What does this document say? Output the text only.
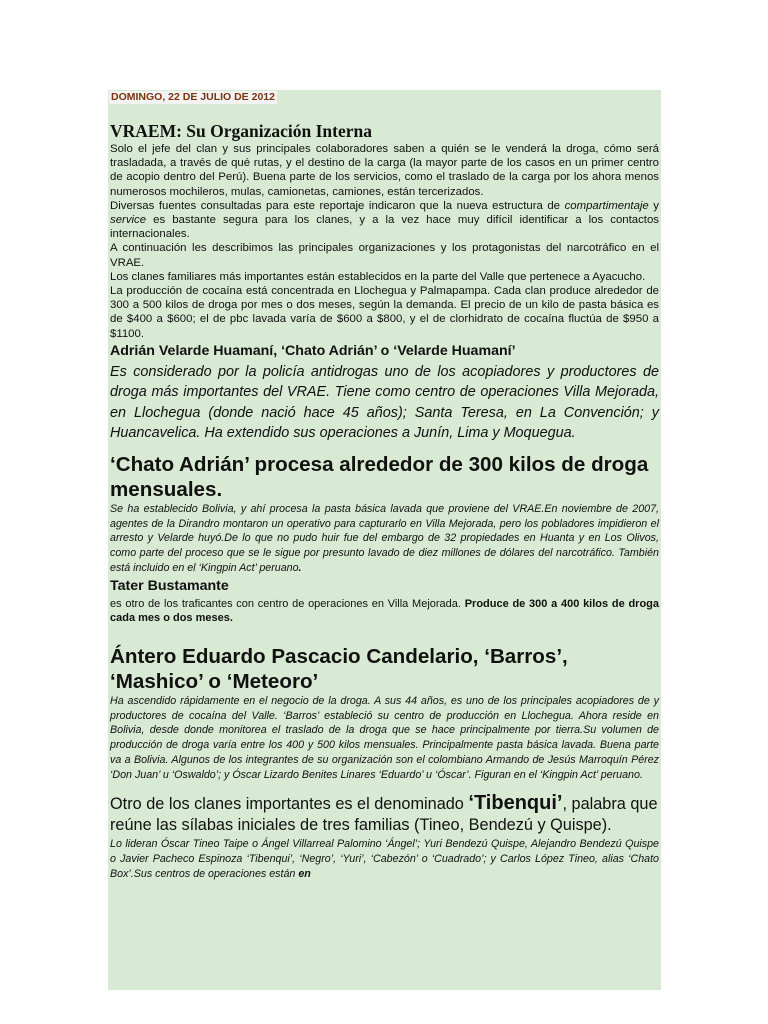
DOMINGO, 22 DE JULIO DE 2012
VRAEM: Su Organización Interna

Solo el jefe del clan y sus principales colaboradores saben a quién se le venderá la droga, cómo será trasladada, a través de qué rutas, y el destino de la carga (la mayor parte de los casos en un primer centro de acopio dentro del Perú). Buena parte de los servicios, como el traslado de la carga por los ahora menos numerosos mochileros, mulas, camionetas, camiones, están tercerizados.

Diversas fuentes consultadas para este reportaje indicaron que la nueva estructura de compartimentaje y service es bastante segura para los clanes, y a la vez hace muy difícil identificar a los contactos internacionales.

A continuación les describimos las principales organizaciones y los protagonistas del narcotráfico en el VRAE.

Los clanes familiares más importantes están establecidos en la parte del Valle que pertenece a Ayacucho.

La producción de cocaína está concentrada en Llochegua y Palmapampa. Cada clan produce alrededor de 300 a 500 kilos de droga por mes o dos meses, según la demanda. El precio de un kilo de pasta básica es de $400 a $600; el de pbc lavada varía de $600 a $800, y el de clorhidrato de cocaína fluctúa de $950 a $1100.

Adrián Velarde Huamaní, ‘Chato Adrián’ o ‘Velarde Huamaní’

Es considerado por la policía antidrogas uno de los acopiadores y productores de droga más importantes del VRAE. Tiene como centro de operaciones Villa Mejorada, en Llochegua (donde nació hace 45 años); Santa Teresa, en La Convención; y Huancavelica. Ha extendido sus operaciones a Junín, Lima y Moquegua.

‘Chato Adrián’ procesa alrededor de 300 kilos de droga mensuales.

Se ha establecido Bolivia, y ahí procesa la pasta básica lavada que proviene del VRAE.En noviembre de 2007, agentes de la Dirandro montaron un operativo para capturarlo en Villa Mejorada, pero los pobladores impidieron el arresto y Velarde huyó.De lo que no pudo huir fue del embargo de 32 propiedades en Huanta y en Los Olivos, como parte del proceso que se le sigue por presunto lavado de diez millones de dólares del narcotráfico. También está incluido en el ‘Kingpin Act’ peruano.

Tater Bustamante

es otro de los traficantes con centro de operaciones en Villa Mejorada. Produce de 300 a 400 kilos de droga cada mes o dos meses.

Ántero Eduardo Pascacio Candelario, ‘Barros’, ‘Mashico’ o ‘Meteoro’

Ha ascendido rápidamente en el negocio de la droga. A sus 44 años, es uno de los principales acopiadores de y productores de cocaína del Valle. ‘Barros’ estableció su centro de producción en Llochegua. Ahora reside en Bolivia, desde donde monitorea el traslado de la droga que se hace principalmente por tierra.Su volumen de producción de droga varía entre los 400 y 500 kilos mensuales. Principalmente pasta básica lavada. Buena parte va a Bolivia. Algunos de los integrantes de su organización son el colombiano Armando de Jesús Marroquín Pérez ‘Don Juan’ u ‘Oswaldo’; y Óscar Lizardo Benites Linares ‘Eduardo’ u ‘Óscar’. Figuran en el ‘Kingpin Act’ peruano.

Otro de los clanes importantes es el denominado ‘Tibenqui’, palabra que reúne las sílabas iniciales de tres familias (Tineo, Bendezú y Quispe).

Lo lideran Óscar Tineo Taipe o Ángel Villarreal Palomino ‘Ángel’; Yuri Bendezú Quispe, Alejandro Bendezú Quispe o Javier Pacheco Espinoza ‘Tibenqui’, ‘Negro’, ‘Yuri’, ‘Cabezón’ o ‘Cuadrado’; y Carlos López Tineo, alias ‘Chato Box’.Sus centros de operaciones están en
